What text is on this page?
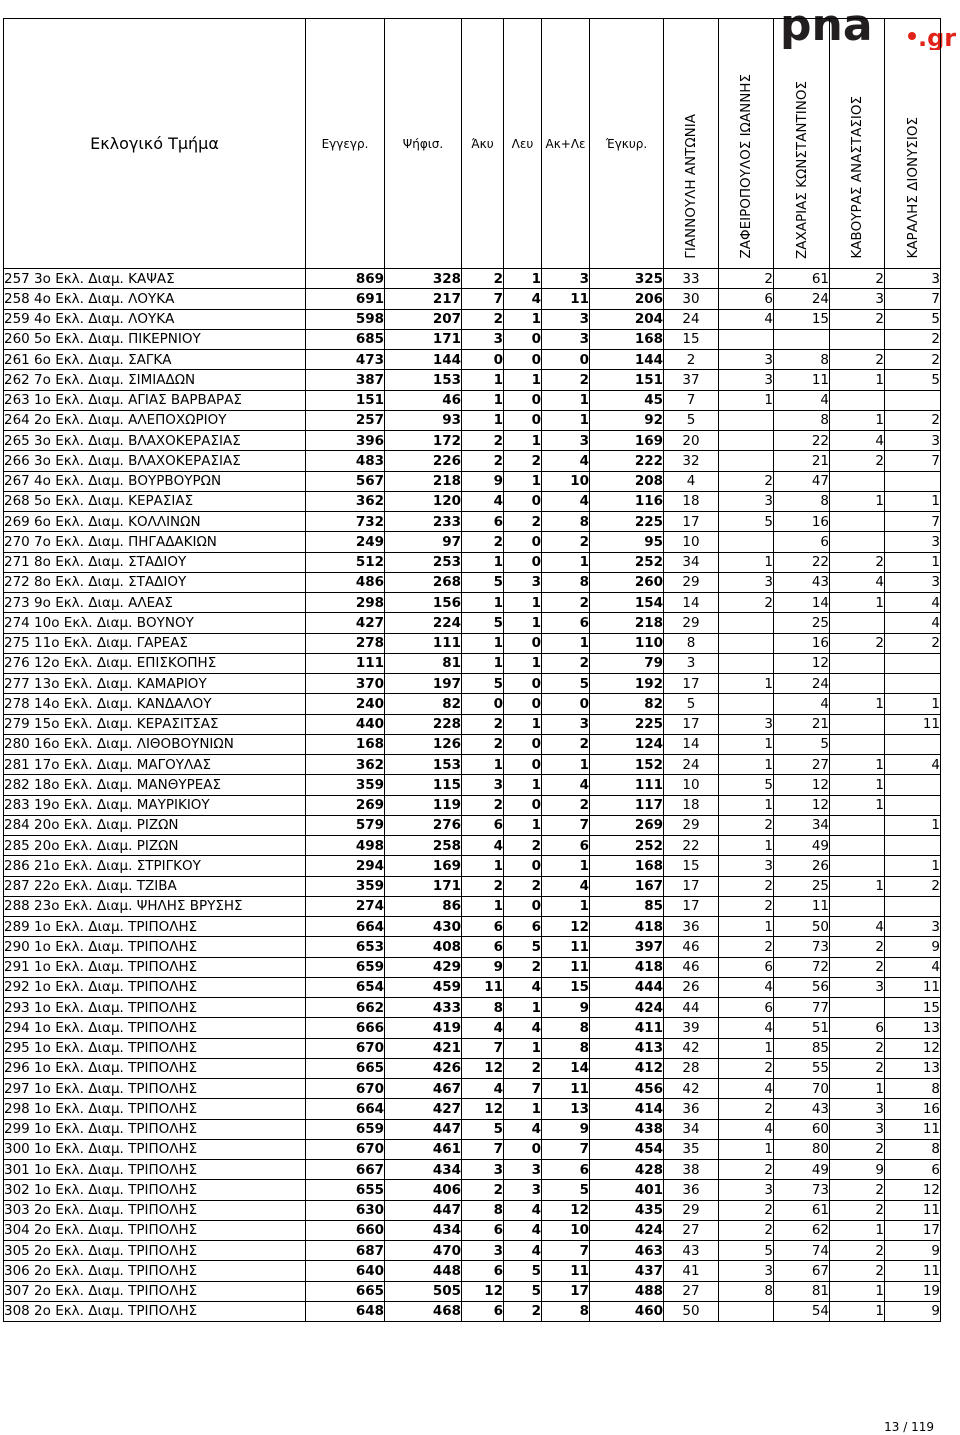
pna .gr
Εκλογικό Τμήμα	Εγγεγρ.	Ψήφισ.	Άκυ	Λευ	Ακ+Λε	Έγκυρ.	ΓΙΑΝΝΟΥΛΗ ΑΝΤΩΝΙΑ	ΖΑΦΕΙΡΟΠΟΥΛΟΣ ΙΩΑΝΝΗΣ	ΖΑΧΑΡΙΑΣ ΚΩΝΣΤΑΝΤΙΝΟΣ	ΚΑΒΟΥΡΑΣ ΑΝΑΣΤΑΣΙΟΣ	ΚΑΡΑΛΗΣ ΔΙΟΝΥΣΙΟΣ
257 3ο Εκλ. Διαμ. ΚΑΨΑΣ	869	328	2	1	3	325	33	2	61	2	3
258 4ο Εκλ. Διαμ. ΛΟΥΚΑ	691	217	7	4	11	206	30	6	24	3	7
259 4ο Εκλ. Διαμ. ΛΟΥΚΑ	598	207	2	1	3	204	24	4	15	2	5
260 5ο Εκλ. Διαμ. ΠΙΚΕΡΝΙΟΥ	685	171	3	0	3	168	15				2
261 6ο Εκλ. Διαμ. ΣΑΓΚΑ	473	144	0	0	0	144	2	3	8	2	2
262 7ο Εκλ. Διαμ. ΣΙΜΙΑΔΩΝ	387	153	1	1	2	151	37	3	11	1	5
263 1ο Εκλ. Διαμ. ΑΓΙΑΣ ΒΑΡΒΑΡΑΣ	151	46	1	0	1	45	7	1	4		
264 2ο Εκλ. Διαμ. ΑΛΕΠΟΧΩΡΙΟΥ	257	93	1	0	1	92	5		8	1	2
265 3ο Εκλ. Διαμ. ΒΛΑΧΟΚΕΡΑΣΙΑΣ	396	172	2	1	3	169	20		22	4	3
266 3ο Εκλ. Διαμ. ΒΛΑΧΟΚΕΡΑΣΙΑΣ	483	226	2	2	4	222	32		21	2	7
267 4ο Εκλ. Διαμ. ΒΟΥΡΒΟΥΡΩΝ	567	218	9	1	10	208	4	2	47		
268 5ο Εκλ. Διαμ. ΚΕΡΑΣΙΑΣ	362	120	4	0	4	116	18	3	8	1	1
269 6ο Εκλ. Διαμ. ΚΟΛΛΙΝΩΝ	732	233	6	2	8	225	17	5	16		7
270 7ο Εκλ. Διαμ. ΠΗΓΑΔΑΚΙΩΝ	249	97	2	0	2	95	10		6		3
271 8ο Εκλ. Διαμ. ΣΤΑΔΙΟΥ	512	253	1	0	1	252	34	1	22	2	1
272 8ο Εκλ. Διαμ. ΣΤΑΔΙΟΥ	486	268	5	3	8	260	29	3	43	4	3
273 9ο Εκλ. Διαμ. ΑΛΕΑΣ	298	156	1	1	2	154	14	2	14	1	4
274 10ο Εκλ. Διαμ. ΒΟΥΝΟΥ	427	224	5	1	6	218	29		25		4
275 11ο Εκλ. Διαμ. ΓΑΡΕΑΣ	278	111	1	0	1	110	8		16	2	2
276 12ο Εκλ. Διαμ. ΕΠΙΣΚΟΠΗΣ	111	81	1	1	2	79	3		12		
277 13ο Εκλ. Διαμ. ΚΑΜΑΡΙΟΥ	370	197	5	0	5	192	17	1	24		
278 14ο Εκλ. Διαμ. ΚΑΝΔΑΛΟΥ	240	82	0	0	0	82	5		4	1	1
279 15ο Εκλ. Διαμ. ΚΕΡΑΣΙΤΣΑΣ	440	228	2	1	3	225	17	3	21		11
280 16ο Εκλ. Διαμ. ΛΙΘΟΒΟΥΝΙΩΝ	168	126	2	0	2	124	14	1	5		
281 17ο Εκλ. Διαμ. ΜΑΓΟΥΛΑΣ	362	153	1	0	1	152	24	1	27	1	4
282 18ο Εκλ. Διαμ. ΜΑΝΘΥΡΕΑΣ	359	115	3	1	4	111	10	5	12	1	
283 19ο Εκλ. Διαμ. ΜΑΥΡΙΚΙΟΥ	269	119	2	0	2	117	18	1	12	1	
284 20ο Εκλ. Διαμ. ΡΙΖΩΝ	579	276	6	1	7	269	29	2	34		1
285 20ο Εκλ. Διαμ. ΡΙΖΩΝ	498	258	4	2	6	252	22	1	49		
286 21ο Εκλ. Διαμ. ΣΤΡΙΓΚΟΥ	294	169	1	0	1	168	15	3	26		1
287 22ο Εκλ. Διαμ. ΤΖΙΒΑ	359	171	2	2	4	167	17	2	25	1	2
288 23ο Εκλ. Διαμ. ΨΗΛΗΣ ΒΡΥΣΗΣ	274	86	1	0	1	85	17	2	11		
289 1ο Εκλ. Διαμ. ΤΡΙΠΟΛΗΣ	664	430	6	6	12	418	36	1	50	4	3
290 1ο Εκλ. Διαμ. ΤΡΙΠΟΛΗΣ	653	408	6	5	11	397	46	2	73	2	9
291 1ο Εκλ. Διαμ. ΤΡΙΠΟΛΗΣ	659	429	9	2	11	418	46	6	72	2	4
292 1ο Εκλ. Διαμ. ΤΡΙΠΟΛΗΣ	654	459	11	4	15	444	26	4	56	3	11
293 1ο Εκλ. Διαμ. ΤΡΙΠΟΛΗΣ	662	433	8	1	9	424	44	6	77		15
294 1ο Εκλ. Διαμ. ΤΡΙΠΟΛΗΣ	666	419	4	4	8	411	39	4	51	6	13
295 1ο Εκλ. Διαμ. ΤΡΙΠΟΛΗΣ	670	421	7	1	8	413	42	1	85	2	12
296 1ο Εκλ. Διαμ. ΤΡΙΠΟΛΗΣ	665	426	12	2	14	412	28	2	55	2	13
297 1ο Εκλ. Διαμ. ΤΡΙΠΟΛΗΣ	670	467	4	7	11	456	42	4	70	1	8
298 1ο Εκλ. Διαμ. ΤΡΙΠΟΛΗΣ	664	427	12	1	13	414	36	2	43	3	16
299 1ο Εκλ. Διαμ. ΤΡΙΠΟΛΗΣ	659	447	5	4	9	438	34	4	60	3	11
300 1ο Εκλ. Διαμ. ΤΡΙΠΟΛΗΣ	670	461	7	0	7	454	35	1	80	2	8
301 1ο Εκλ. Διαμ. ΤΡΙΠΟΛΗΣ	667	434	3	3	6	428	38	2	49	9	6
302 1ο Εκλ. Διαμ. ΤΡΙΠΟΛΗΣ	655	406	2	3	5	401	36	3	73	2	12
303 2ο Εκλ. Διαμ. ΤΡΙΠΟΛΗΣ	630	447	8	4	12	435	29	2	61	2	11
304 2ο Εκλ. Διαμ. ΤΡΙΠΟΛΗΣ	660	434	6	4	10	424	27	2	62	1	17
305 2ο Εκλ. Διαμ. ΤΡΙΠΟΛΗΣ	687	470	3	4	7	463	43	5	74	2	9
306 2ο Εκλ. Διαμ. ΤΡΙΠΟΛΗΣ	640	448	6	5	11	437	41	3	67	2	11
307 2ο Εκλ. Διαμ. ΤΡΙΠΟΛΗΣ	665	505	12	5	17	488	27	8	81	1	19
308 2ο Εκλ. Διαμ. ΤΡΙΠΟΛΗΣ	648	468	6	2	8	460	50		54	1	9
13 / 119
